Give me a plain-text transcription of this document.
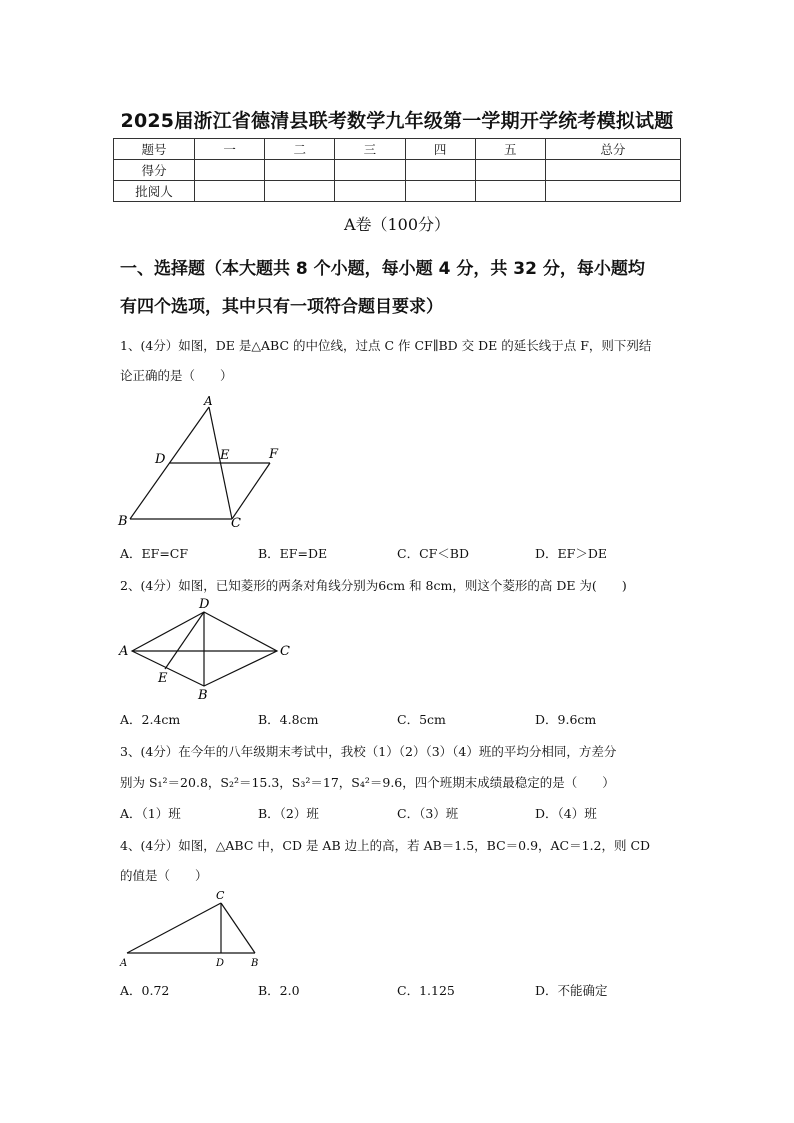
2025届浙江省德清县联考数学九年级第一学期开学统考模拟试题
题号	一	二	三	四	五	总分
得分						
批阅人						
A卷（100分）
一、选择题（本大题共 8 个小题，每小题 4 分，共 32 分，每小题均
有四个选项，其中只有一项符合题目要求）
1、(4分）如图，DE 是△ABC 的中位线，过点 C 作 CF∥BD 交 DE 的延长线于点 F，则下列结
论正确的是（　　）
A
D	E	F
B	C
A．EF=CF	B．EF=DE	C．CF＜BD	D．EF＞DE
2、(4分）如图，已知菱形的两条对角线分别为6cm 和 8cm，则这个菱形的高 DE 为(　　)
D
A	C
E
B
A．2.4cm	B．4.8cm	C．5cm	D．9.6cm
3、(4分）在今年的八年级期末考试中，我校（1）（2）（3）（4）班的平均分相同，方差分
别为 S₁²＝20.8，S₂²＝15.3，S₃²＝17，S₄²＝9.6，四个班期末成绩最稳定的是（　　）
A．（1）班	B．（2）班	C．（3）班	D．（4）班
4、(4分）如图，△ABC 中，CD 是 AB 边上的高，若 AB＝1.5，BC＝0.9，AC＝1.2，则 CD
的值是（　　）
C
A	D	B
A．0.72	B．2.0	C．1.125	D．不能确定
